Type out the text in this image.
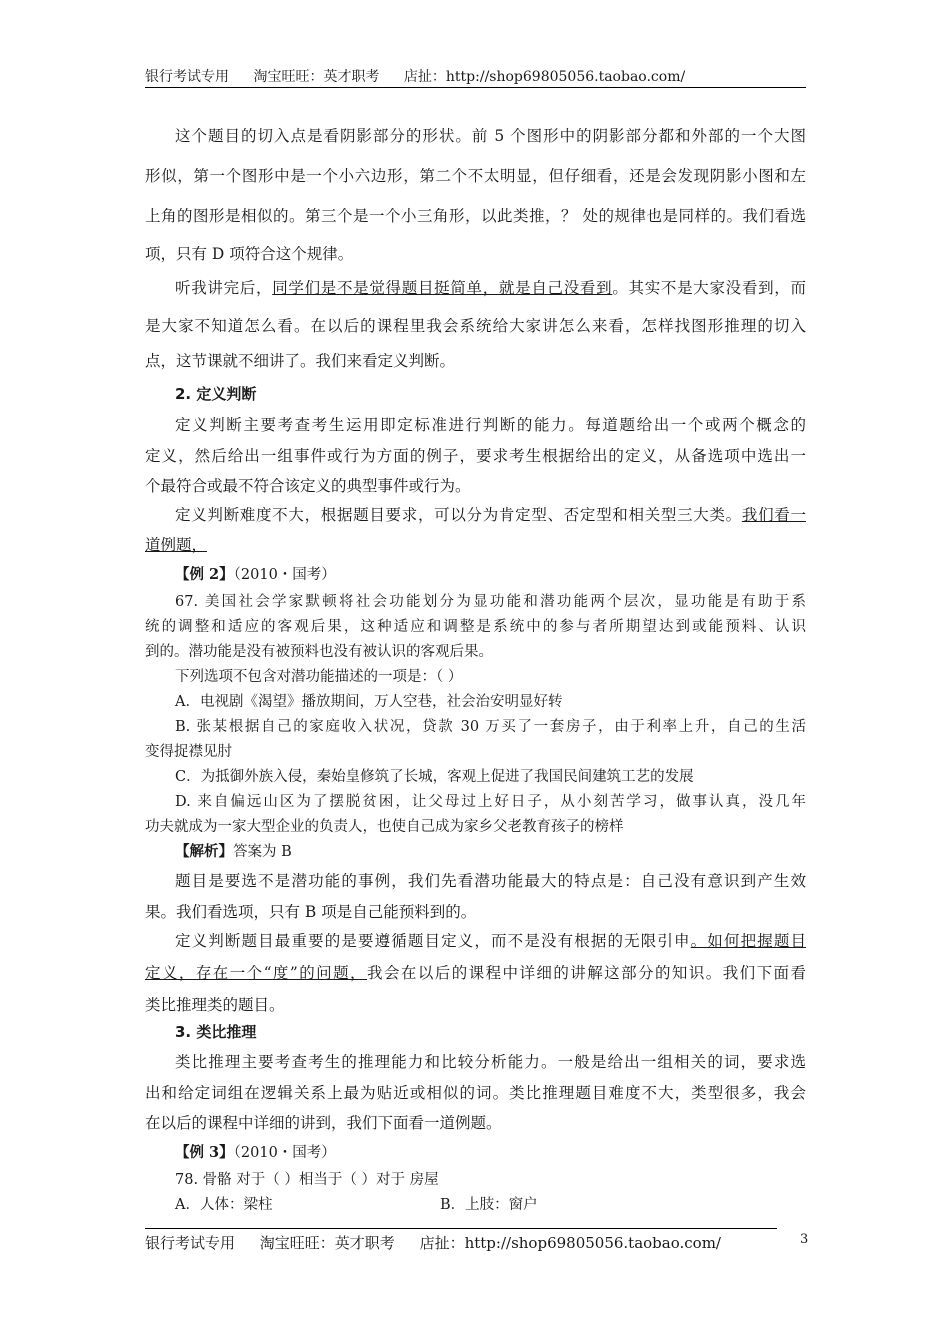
银行考试专用 淘宝旺旺：英才职考 店扯：http://shop69805056.taobao.com/
这个题目的切入点是看阴影部分的形状。前 5 个图形中的阴影部分都和外部的一个大图
形似，第一个图形中是一个小六边形，第二个不太明显，但仔细看，还是会发现阴影小图和左
上角的图形是相似的。第三个是一个小三角形，以此类推，？ 处的规律也是同样的。我们看选
项，只有 D 项符合这个规律。
听我讲完后，同学们是不是觉得题目挺简单，就是自己没看到。其实不是大家没看到，而
是大家不知道怎么看。在以后的课程里我会系统给大家讲怎么来看，怎样找图形推理的切入
点，这节课就不细讲了。我们来看定义判断。
2. 定义判断
定义判断主要考查考生运用即定标准进行判断的能力。每道题给出一个或两个概念的
定义，然后给出一组事件或行为方面的例子，要求考生根据给出的定义，从备选项中选出一
个最符合或最不符合该定义的典型事件或行为。
定义判断难度不大，根据题目要求，可以分为肯定型、否定型和相关型三大类。我们看一
道例题，
【例 2】（2010・国考）
67. 美国社会学家默顿将社会功能划分为显功能和潜功能两个层次，显功能是有助于系
统的调整和适应的客观后果，这种适应和调整是系统中的参与者所期望达到或能预料、认识
到的。潜功能是没有被预料也没有被认识的客观后果。
下列选项不包含对潜功能描述的一项是：（ ）
A．电视剧《渴望》播放期间，万人空巷，社会治安明显好转
B. 张某根据自己的家庭收入状况，贷款 30 万买了一套房子，由于利率上升，自己的生活
变得捉襟见肘
C．为抵御外族入侵，秦始皇修筑了长城，客观上促进了我国民间建筑工艺的发展
D. 来自偏远山区为了摆脱贫困，让父母过上好日子，从小刻苦学习，做事认真，没几年
功夫就成为一家大型企业的负责人，也使自己成为家乡父老教育孩子的榜样
【解析】答案为 B
题目是要选不是潜功能的事例，我们先看潜功能最大的特点是：自己没有意识到产生效
果。我们看选项，只有 B 项是自己能预料到的。
定义判断题目最重要的是要遵循题目定义，而不是没有根据的无限引申。如何把握题目
定义，存在一个“度”的问题，我会在以后的课程中详细的讲解这部分的知识。我们下面看
类比推理类的题目。
3. 类比推理
类比推理主要考查考生的推理能力和比较分析能力。一般是给出一组相关的词，要求选
出和给定词组在逻辑关系上最为贴近或相似的词。类比推理题目难度不大，类型很多，我会
在以后的课程中详细的讲到，我们下面看一道例题。
【例 3】（2010・国考）
78. 骨骼 对于（ ）相当于（ ）对于 房屋
A．人体：梁柱	B．上肢：窗户
银行考试专用 淘宝旺旺：英才职考 店扯：http://shop69805056.taobao.com/	3
